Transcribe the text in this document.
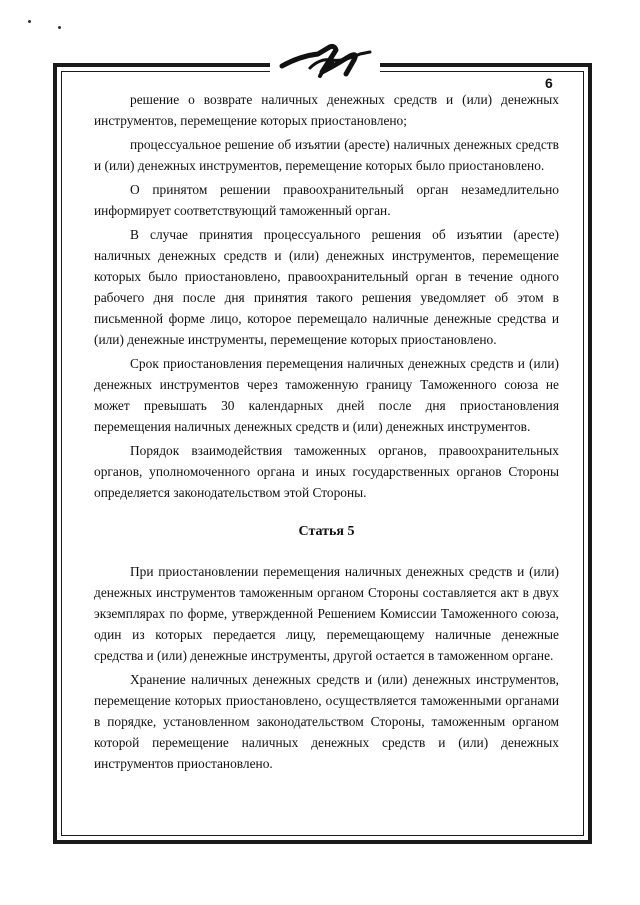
6

решение о возврате наличных денежных средств и (или) денежных инструментов, перемещение которых приостановлено;

процессуальное решение об изъятии (аресте) наличных денежных средств и (или) денежных инструментов, перемещение которых было приостановлено.

О принятом решении правоохранительный орган незамедлительно информирует соответствующий таможенный орган.

В случае принятия процессуального решения об изъятии (аресте) наличных денежных средств и (или) денежных инструментов, перемещение которых было приостановлено, правоохранительный орган в течение одного рабочего дня после дня принятия такого решения уведомляет об этом в письменной форме лицо, которое перемещало наличные денежные средства и (или) денежные инструменты, перемещение которых приостановлено.

Срок приостановления перемещения наличных денежных средств и (или) денежных инструментов через таможенную границу Таможенного союза не может превышать 30 календарных дней после дня приостановления перемещения наличных денежных средств и (или) денежных инструментов.

Порядок взаимодействия таможенных органов, правоохранительных органов, уполномоченного органа и иных государственных органов Стороны определяется законодательством этой Стороны.

Статья 5

При приостановлении перемещения наличных денежных средств и (или) денежных инструментов таможенным органом Стороны составляется акт в двух экземплярах по форме, утвержденной Решением Комиссии Таможенного союза, один из которых передается лицу, перемещающему наличные денежные средства и (или) денежные инструменты, другой остается в таможенном органе.

Хранение наличных денежных средств и (или) денежных инструментов, перемещение которых приостановлено, осуществляется таможенными органами в порядке, установленном законодательством Стороны, таможенным органом которой перемещение наличных денежных средств и (или) денежных инструментов приостановлено.
